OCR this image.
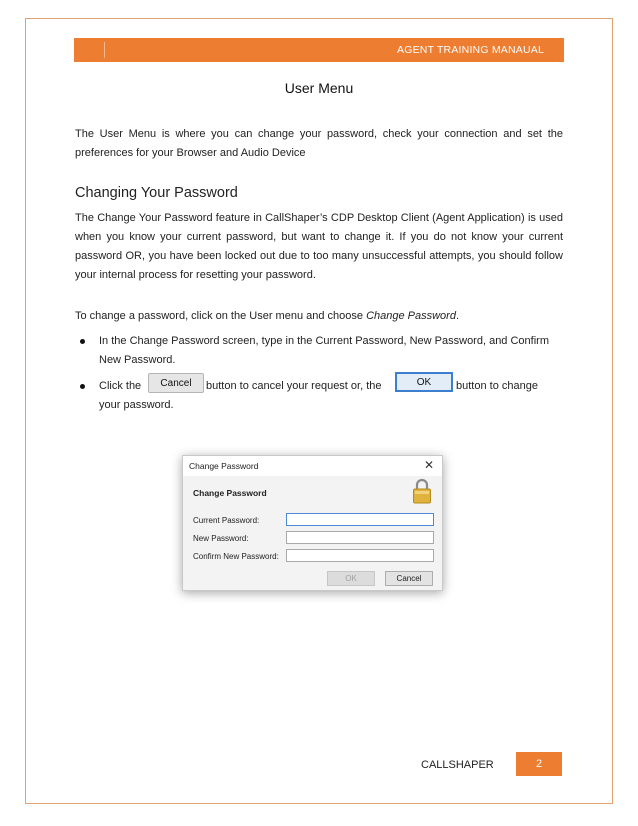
AGENT TRAINING MANAUAL
User Menu

The User Menu is where you can change your password, check your connection and set the preferences for your Browser and Audio Device

Changing Your Password

The Change Your Password feature in CallShaper’s CDP Desktop Client (Agent Application) is used when you know your current password, but want to change it. If you do not know your current password OR, you have been locked out due to too many unsuccessful attempts, you should follow your internal process for resetting your password.

To change a password, click on the User menu and choose Change Password.

In the Change Password screen, type in the Current Password, New Password, and Confirm New Password.
Click the	button to cancel your request or, the	button to change
your password.
Cancel	OK
Change Password	✕
Change Password
Current Password:
New Password:
Confirm New Password:
OK	Cancel
CALLSHAPER	2
